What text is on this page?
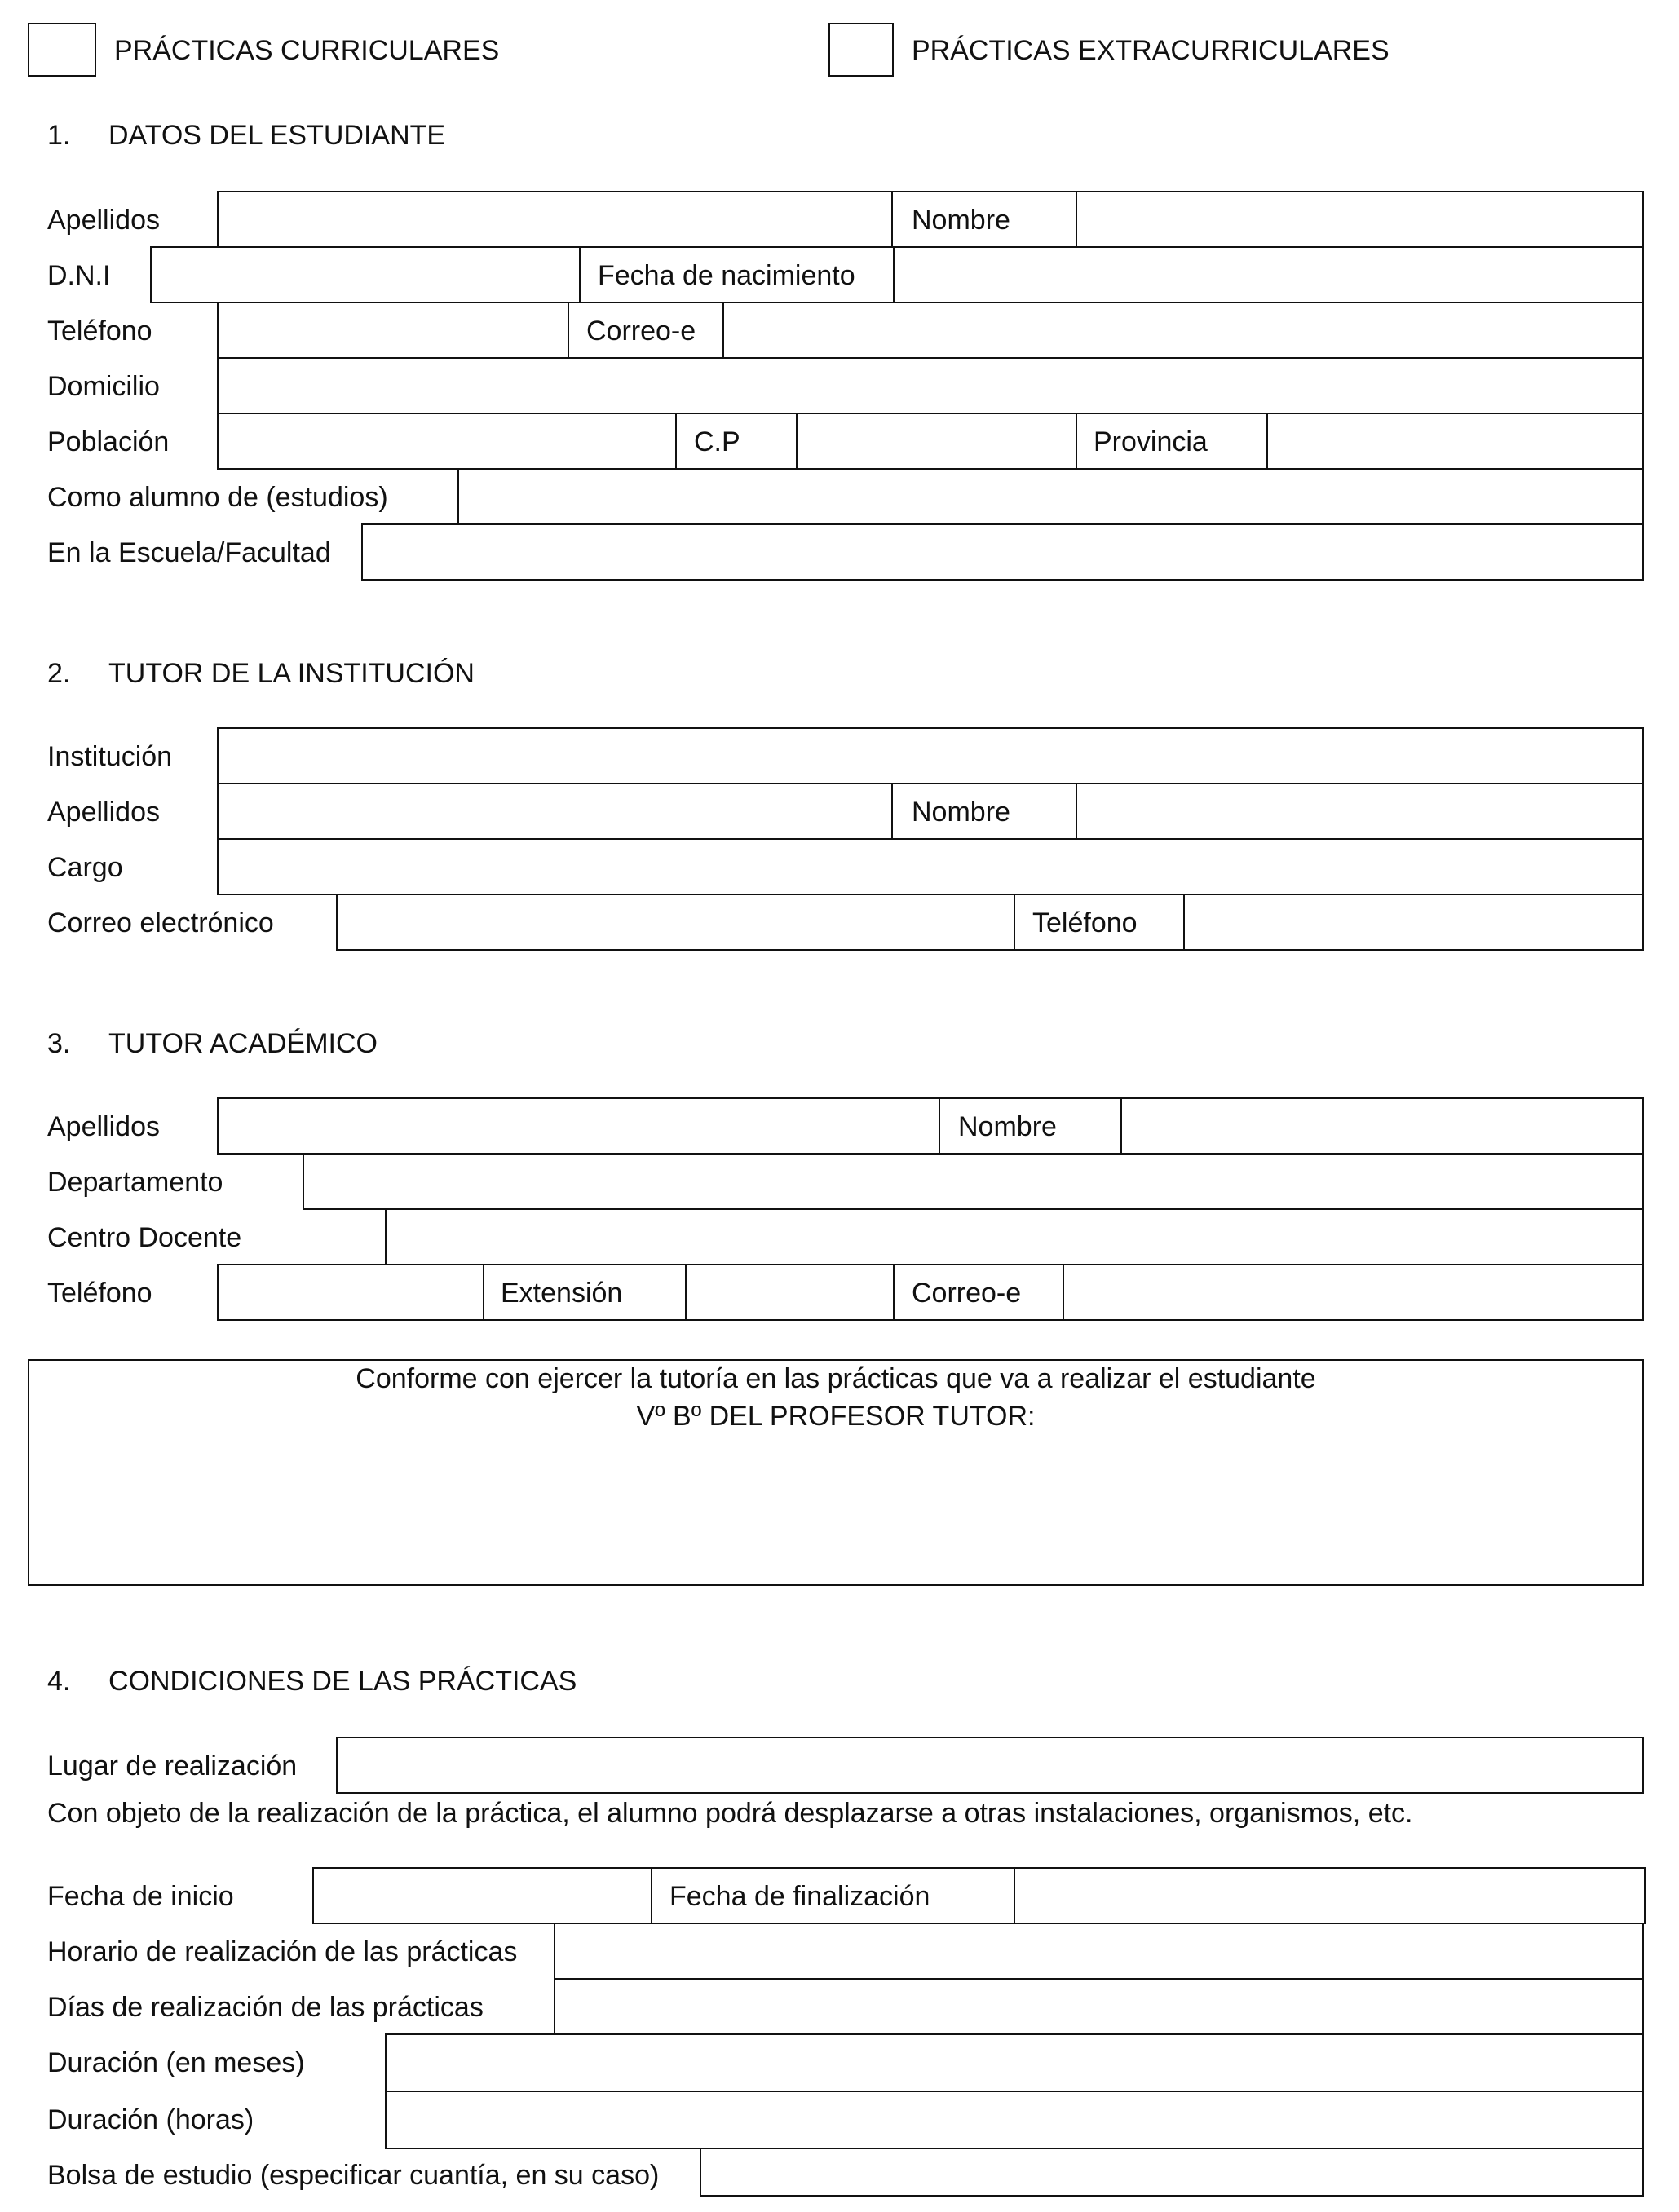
PRÁCTICAS CURRICULARES	PRÁCTICAS EXTRACURRICULARES
1. DATOS DEL ESTUDIANTE
Apellidos	Nombre
D.N.I	Fecha de nacimiento
Teléfono	Correo-e
Domicilio
Población	C.P	Provincia
Como alumno de (estudios)
En la Escuela/Facultad
2. TUTOR DE LA INSTITUCIÓN
Institución
Apellidos	Nombre
Cargo
Correo electrónico	Teléfono
3. TUTOR ACADÉMICO
Apellidos	Nombre
Departamento
Centro Docente
Teléfono	Extensión	Correo-e
Conforme con ejercer la tutoría en las prácticas que va a realizar el estudiante
Vº Bº DEL PROFESOR TUTOR:
4. CONDICIONES DE LAS PRÁCTICAS
Lugar de realización
Con objeto de la realización de la práctica, el alumno podrá desplazarse a otras instalaciones, organismos, etc.
Fecha de inicio	Fecha de finalización
Horario de realización de las prácticas
Días de realización de las prácticas
Duración (en meses)
Duración (horas)
Bolsa de estudio (especificar cuantía, en su caso)
